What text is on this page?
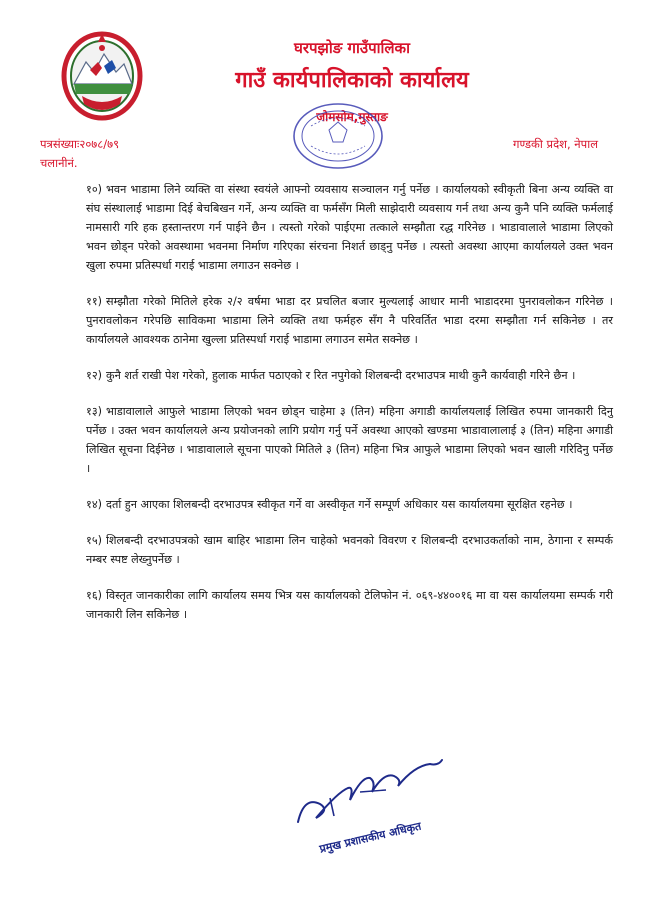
घरपझोङ गाउँपालिका
गाउँ कार्यपालिकाको कार्यालय
जोमसोम,मुस्ताङ
पत्रसंख्याः२०७८/७९
चलानीनं.
गण्डकी प्रदेश, नेपाल

१०) भवन भाडामा लिने व्यक्ति वा संस्था स्वयंले आफ्नो व्यवसाय सञ्चालन गर्नु पर्नेछ । कार्यालयको स्वीकृती बिना अन्य व्यक्ति वा संघ संस्थालाई भाडामा दिई बेचबिखन गर्ने, अन्य व्यक्ति वा फर्मसँग मिली साझेदारी व्यवसाय गर्न तथा अन्य कुनै पनि व्यक्ति फर्मलाई नामसारी गरि हक हस्तान्तरण गर्न पाईने छैन । त्यस्तो गरेको पाईएमा तत्काले सम्झौता रद्ध गरिनेछ । भाडावालाले भाडामा लिएको भवन छोड्न परेको अवस्थामा भवनमा निर्माण गरिएका संरचना निशर्त छाड्नु पर्नेछ । त्यस्तो अवस्था आएमा कार्यालयले उक्त भवन खुला रुपमा प्रतिस्पर्धा गराई भाडामा लगाउन सक्नेछ ।

११) सम्झौता गरेको मितिले हरेक २/२ वर्षमा भाडा दर प्रचलित बजार मुल्यलाई आधार मानी भाडादरमा पुनरावलोकन गरिनेछ । पुनरावलोकन गरेपछि साविकमा भाडामा लिने व्यक्ति तथा फर्महरु सँग नै परिवर्तित भाडा दरमा सम्झौता गर्न सकिनेछ । तर कार्यालयले आवश्यक ठानेमा खुल्ला प्रतिस्पर्धा गराई भाडामा लगाउन समेत सक्नेछ ।

१२) कुनै शर्त राखी पेश गरेको, हुलाक मार्फत पठाएको र रित नपुगेको शिलबन्दी दरभाउपत्र माथी कुनै कार्यवाही गरिने छैन ।

१३) भाडावालाले आफुले भाडामा लिएको भवन छोड्न चाहेमा ३ (तिन) महिना अगाडी कार्यालयलाई लिखित रुपमा जानकारी दिनु पर्नेछ । उक्त भवन कार्यालयले अन्य प्रयोजनको लागि प्रयोग गर्नु पर्ने अवस्था आएको खण्डमा भाडावालालाई ३ (तिन) महिना अगाडी लिखित सूचना दिईनेछ । भाडावालाले सूचना पाएको मितिले ३ (तिन) महिना भित्र आफुले भाडामा लिएको भवन खाली गरिदिनु पर्नेछ ।

१४) दर्ता हुन आएका शिलबन्दी दरभाउपत्र स्वीकृत गर्ने वा अस्वीकृत गर्ने सम्पूर्ण अधिकार यस कार्यालयमा सूरक्षित रहनेछ ।

१५) शिलबन्दी दरभाउपत्रको खाम बाहिर भाडामा लिन चाहेको भवनको विवरण र शिलबन्दी दरभाउकर्ताको नाम, ठेगाना र सम्पर्क नम्बर स्पष्ट लेख्नुपर्नेछ ।

१६) विस्तृत जानकारीका लागि कार्यालय समय भित्र यस कार्यालयको टेलिफोन नं. ०६९-४४००१६ मा वा यस कार्यालयमा सम्पर्क गरी जानकारी लिन सकिनेछ ।

प्रमुख प्रशासकीय अधिकृत
